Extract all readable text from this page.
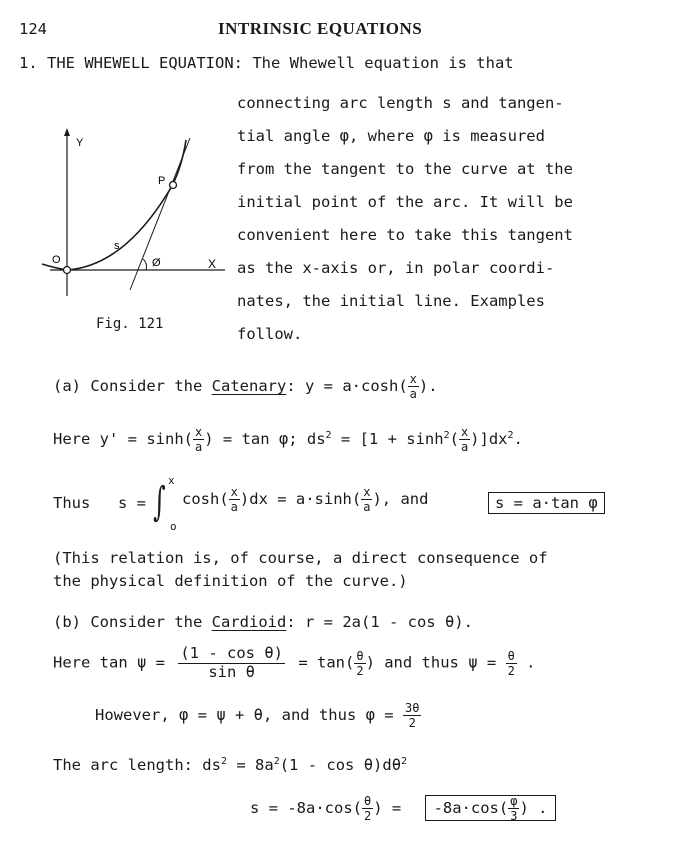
124	INTRINSIC EQUATIONS
1. THE WHEWELL EQUATION: The Whewell equation is that
connecting arc length s and tangen-
tial angle φ, where φ is measured
from the tangent to the curve at the
initial point of the arc. It will be
convenient here to take this tangent
as the x-axis or, in polar coordi-
nates, the initial line. Examples
follow.
Y
X
O
P
s
Ø
Fig. 121
(a) Consider the Catenary: $y = a\cdot\cosh( \frac{x}{a}$ ).
Here $y' = \sinh( \frac{x}{a}$ ) = tan φ; $ds^2 = [1 + \sinh^2( \frac{x}{a} )]dx^2$.
Thus s = ∫ x
o
$\cosh( \frac{x}{a} )dx = a\cdot\sinh( \frac{x}{a}$ ), and	s = a·tan φ
(This relation is, of course, a direct consequence of
the physical definition of the curve.)
(b) Consider the Cardioid: r = 2a(1 - cos θ).
Here $\tan \psi = \frac{\text{(1 - cos θ)}}{\text{sin θ}} = \tan( \frac{\theta}{2}$ ) and thus $\psi = \frac{\theta}{2}$ .
However, φ = ψ + θ, and thus $\varphi = \frac{3\theta}{2}$
The arc length: $ds^2 = 8a^2(1 - \cos \theta)d\theta^2$
$s = -8a\cdot\cos( \frac{\theta}{2}$ ) = $-8a\cdot\cos( \frac{\varphi}{3}$ ) .
